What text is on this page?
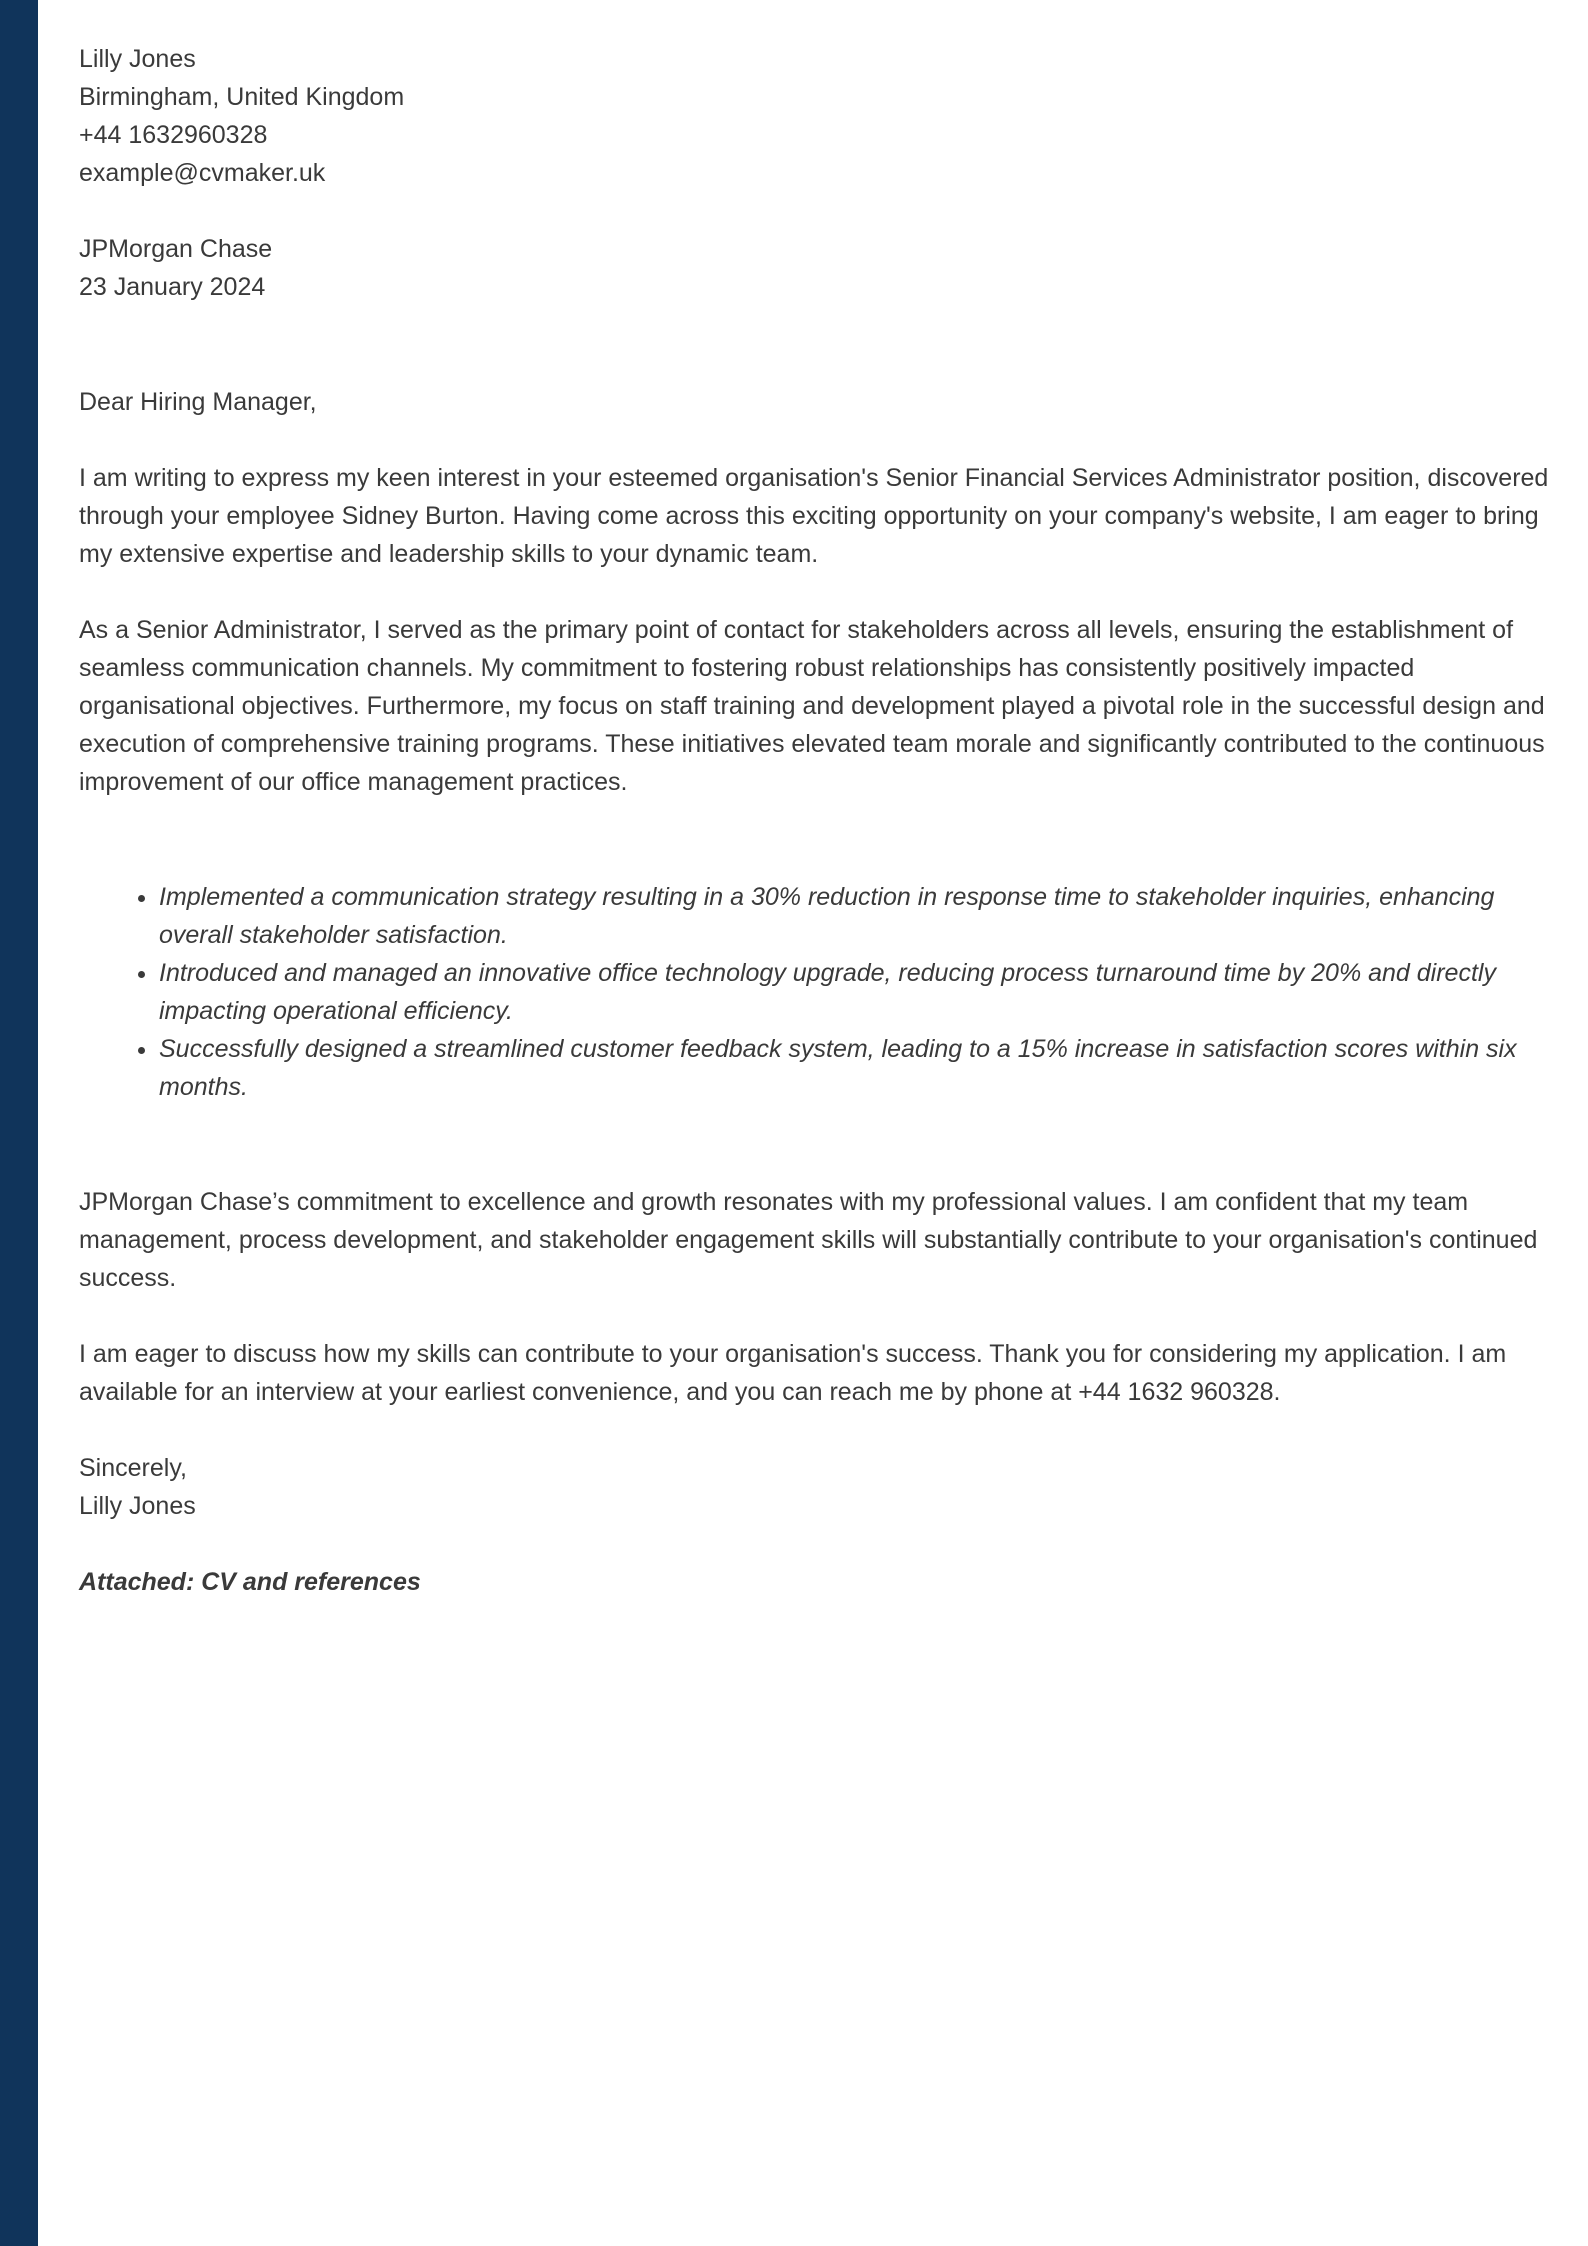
Lilly Jones
Birmingham, United Kingdom
+44 1632960328
example@cvmaker.uk
JPMorgan Chase
23 January 2024

Dear Hiring Manager,

I am writing to express my keen interest in your esteemed organisation's Senior Financial Services Administrator position, discovered through your employee Sidney Burton. Having come across this exciting opportunity on your company's website, I am eager to bring my extensive expertise and leadership skills to your dynamic team.

As a Senior Administrator, I served as the primary point of contact for stakeholders across all levels, ensuring the establishment of seamless communication channels. My commitment to fostering robust relationships has consistently positively impacted organisational objectives. Furthermore, my focus on staff training and development played a pivotal role in the successful design and execution of comprehensive training programs. These initiatives elevated team morale and significantly contributed to the continuous improvement of our office management practices.

• Implemented a communication strategy resulting in a 30% reduction in response time to stakeholder inquiries, enhancing overall stakeholder satisfaction.
• Introduced and managed an innovative office technology upgrade, reducing process turnaround time by 20% and directly impacting operational efficiency.
• Successfully designed a streamlined customer feedback system, leading to a 15% increase in satisfaction scores within six months.

JPMorgan Chase’s commitment to excellence and growth resonates with my professional values. I am confident that my team management, process development, and stakeholder engagement skills will substantially contribute to your organisation's continued success.

I am eager to discuss how my skills can contribute to your organisation's success. Thank you for considering my application. I am available for an interview at your earliest convenience, and you can reach me by phone at +44 1632 960328.

Sincerely,
Lilly Jones

Attached: CV and references
